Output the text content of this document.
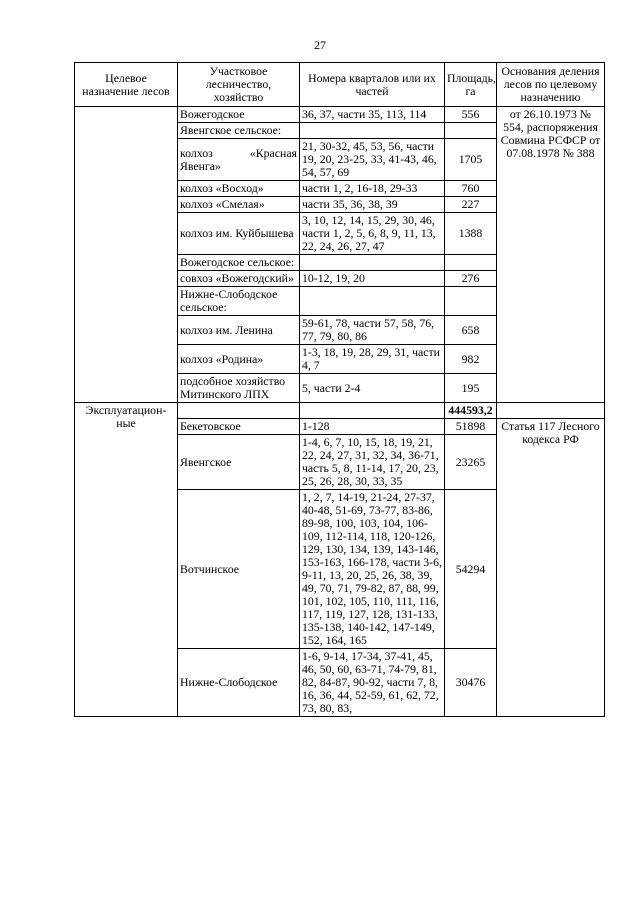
27
Целевое назначение лесов	Участковое лесничество, хозяйство	Номера кварталов или их частей	Площадь, га	Основания деления лесов по целевому назначению
	Вожегодское	36, 37, части 35, 113, 114	556	от 26.10.1973 № 554, распоряжения Совмина РСФСР от 07.08.1978 № 388
	Явенгское сельское:			
	колхоз «Красная Явенга»	21, 30-32, 45, 53, 56, части 19, 20, 23-25, 33, 41-43, 46, 54, 57, 69	1705	
	колхоз «Восход»	части 1, 2, 16-18, 29-33	760	
	колхоз «Смелая»	части 35, 36, 38, 39	227	
	колхоз им. Куйбышева	3, 10, 12, 14, 15, 29, 30, 46, части 1, 2, 5, 6, 8, 9, 11, 13, 22, 24, 26, 27, 47	1388	
	Вожегодское сельское:			
	совхоз «Вожегодский»	10-12, 19, 20	276	
	Нижне-Слободское сельское:			
	колхоз им. Ленина	59-61, 78, части 57, 58, 76, 77, 79, 80, 86	658	
	колхоз «Родина»	1-3, 18, 19, 28, 29, 31, части 4, 7	982	
	подсобное хозяйство Митинского ЛПХ	5, части 2-4	195	
Эксплуатацион-ные			444593,2	
	Бекетовское	1-128	51898	Статья 117 Лесного кодекса РФ
	Явенгское	1-4, 6, 7, 10, 15, 18, 19, 21, 22, 24, 27, 31, 32, 34, 36-71, часть 5, 8, 11-14, 17, 20, 23, 25, 26, 28, 30, 33, 35	23265	
	Вотчинское	1, 2, 7, 14-19, 21-24, 27-37, 40-48, 51-69, 73-77, 83-86, 89-98, 100, 103, 104, 106-109, 112-114, 118, 120-126, 129, 130, 134, 139, 143-146, 153-163, 166-178, части 3-6, 9-11, 13, 20, 25, 26, 38, 39, 49, 70, 71, 79-82, 87, 88, 99, 101, 102, 105, 110, 111, 116, 117, 119, 127, 128, 131-133, 135-138, 140-142, 147-149, 152, 164, 165	54294	
	Нижне-Слободское	1-6, 9-14, 17-34, 37-41, 45, 46, 50, 60, 63-71, 74-79, 81, 82, 84-87, 90-92, части 7, 8, 16, 36, 44, 52-59, 61, 62, 72, 73, 80, 83,	30476	
